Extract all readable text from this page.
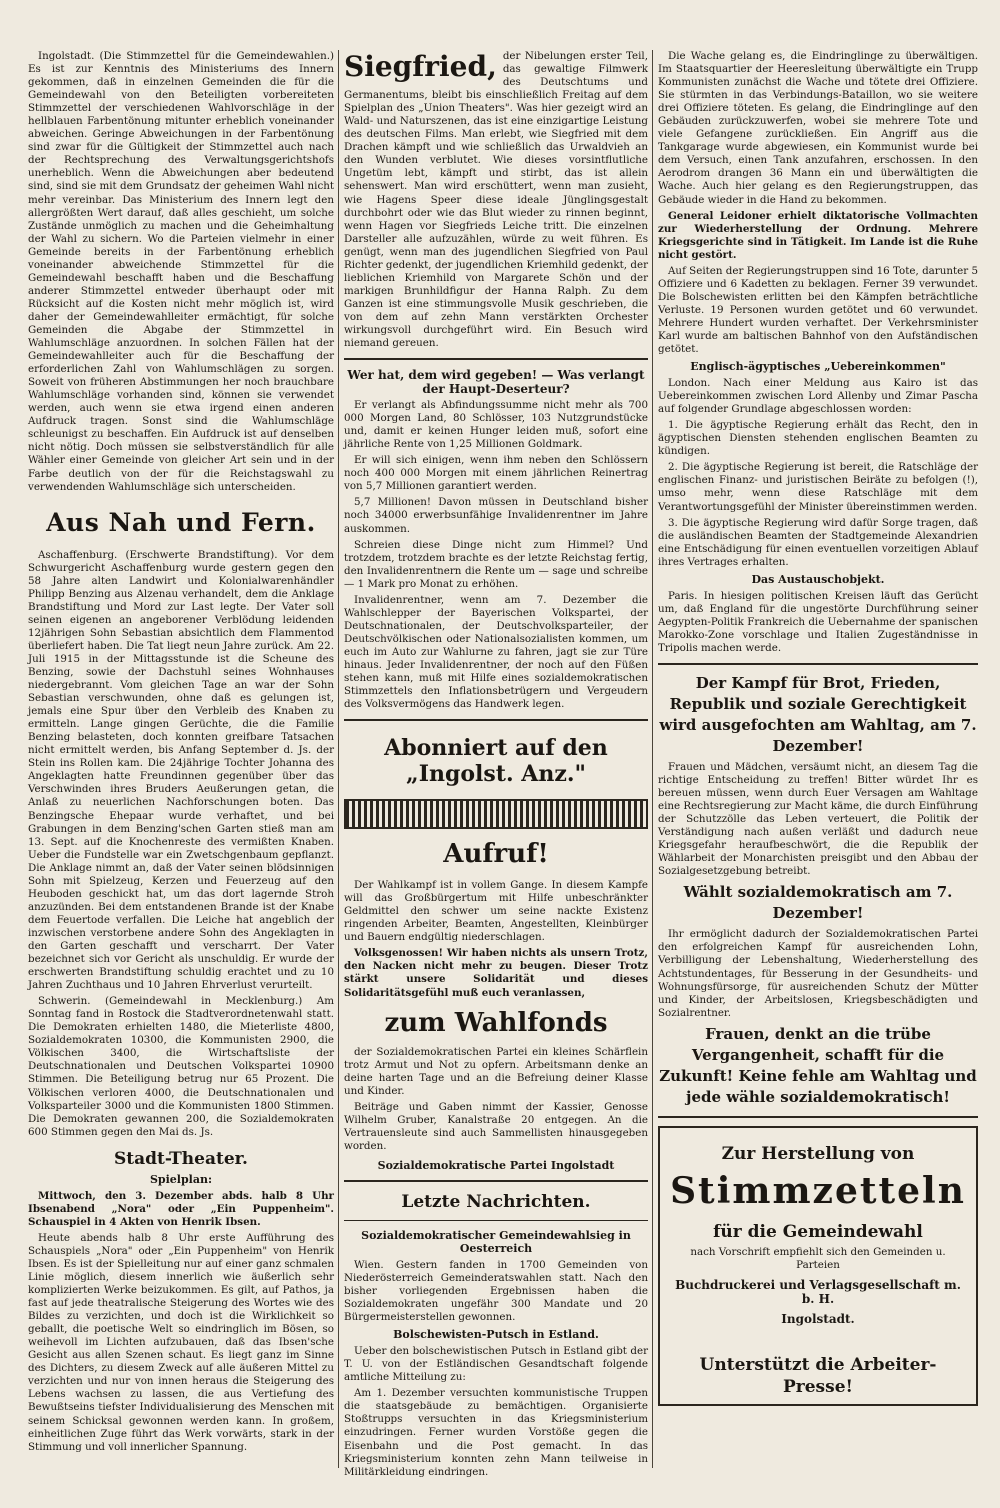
Ingolstadt. (Die Stimmzettel für die Gemeindewahlen.) Es ist zur Kenntnis des Ministeriums des Innern gekommen, daß in einzelnen Gemeinden die für die Gemeindewahl von den Beteiligten vorbereiteten Stimmzettel der verschiedenen Wahlvorschläge in der hellblauen Farbentönung mitunter erheblich voneinander abweichen. Geringe Abweichungen in der Farbentönung sind zwar für die Gültigkeit der Stimmzettel auch nach der Rechtsprechung des Verwaltungsgerichtshofs unerheblich. Wenn die Abweichungen aber bedeutend sind, sind sie mit dem Grundsatz der geheimen Wahl nicht mehr vereinbar. Das Ministerium des Innern legt den allergrößten Wert darauf, daß alles geschieht, um solche Zustände unmöglich zu machen und die Geheimhaltung der Wahl zu sichern. Wo die Parteien vielmehr in einer Gemeinde bereits in der Farbentönung erheblich voneinander abweichende Stimmzettel für die Gemeindewahl beschafft haben und die Beschaffung anderer Stimmzettel entweder überhaupt oder mit Rücksicht auf die Kosten nicht mehr möglich ist, wird daher der Gemeindewahlleiter ermächtigt, für solche Gemeinden die Abgabe der Stimmzettel in Wahlumschläge anzuordnen. In solchen Fällen hat der Gemeindewahlleiter auch für die Beschaffung der erforderlichen Zahl von Wahlumschlägen zu sorgen. Soweit von früheren Abstimmungen her noch brauchbare Wahlumschläge vorhanden sind, können sie verwendet werden, auch wenn sie etwa irgend einen anderen Aufdruck tragen. Sonst sind die Wahlumschläge schleunigst zu beschaffen. Ein Aufdruck ist auf denselben nicht nötig. Doch müssen sie selbstverständlich für alle Wähler einer Gemeinde von gleicher Art sein und in der Farbe deutlich von der für die Reichstagswahl zu verwendenden Wahlumschläge sich unterscheiden.

Aus Nah und Fern.

Aschaffenburg. (Erschwerte Brandstiftung). Vor dem Schwurgericht Aschaffenburg wurde gestern gegen den 58 Jahre alten Landwirt und Kolonialwarenhändler Philipp Benzing aus Alzenau verhandelt, dem die Anklage Brandstiftung und Mord zur Last legte. Der Vater soll seinen eigenen an angeborener Verblödung leidenden 12jährigen Sohn Sebastian absichtlich dem Flammentod überliefert haben. Die Tat liegt neun Jahre zurück. Am 22. Juli 1915 in der Mittagsstunde ist die Scheune des Benzing, sowie der Dachstuhl seines Wohnhauses niedergebrannt. Vom gleichen Tage an war der Sohn Sebastian verschwunden, ohne daß es gelungen ist, jemals eine Spur über den Verbleib des Knaben zu ermitteln. Lange gingen Gerüchte, die die Familie Benzing belasteten, doch konnten greifbare Tatsachen nicht ermittelt werden, bis Anfang September d. Js. der Stein ins Rollen kam. Die 24jährige Tochter Johanna des Angeklagten hatte Freundinnen gegenüber über das Verschwinden ihres Bruders Aeußerungen getan, die Anlaß zu neuerlichen Nachforschungen boten. Das Benzingsche Ehepaar wurde verhaftet, und bei Grabungen in dem Benzing'schen Garten stieß man am 13. Sept. auf die Knochenreste des vermißten Knaben. Ueber die Fundstelle war ein Zwetschgenbaum gepflanzt. Die Anklage nimmt an, daß der Vater seinen blödsinnigen Sohn mit Spielzeug, Kerzen und Feuerzeug auf den Heuboden geschickt hat, um das dort lagernde Stroh anzuzünden. Bei dem entstandenen Brande ist der Knabe dem Feuertode verfallen. Die Leiche hat angeblich der inzwischen verstorbene andere Sohn des Angeklagten in den Garten geschafft und verscharrt. Der Vater bezeichnet sich vor Gericht als unschuldig. Er wurde der erschwerten Brandstiftung schuldig erachtet und zu 10 Jahren Zuchthaus und 10 Jahren Ehrverlust verurteilt.

Schwerin. (Gemeindewahl in Mecklenburg.) Am Sonntag fand in Rostock die Stadtverordnetenwahl statt. Die Demokraten erhielten 1480, die Mieterliste 4800, Sozialdemokraten 10300, die Kommunisten 2900, die Völkischen 3400, die Wirtschaftsliste der Deutschnationalen und Deutschen Volkspartei 10900 Stimmen. Die Beteiligung betrug nur 65 Prozent. Die Völkischen verloren 4000, die Deutschnationalen und Volksparteiler 3000 und die Kommunisten 1800 Stimmen. Die Demokraten gewannen 200, die Sozialdemokraten 600 Stimmen gegen den Mai ds. Js.

Stadt-Theater.
Spielplan:

Mittwoch, den 3. Dezember abds. halb 8 Uhr Ibsenabend „Nora" oder „Ein Puppenheim". Schauspiel in 4 Akten von Henrik Ibsen.

Heute abends halb 8 Uhr erste Aufführung des Schauspiels „Nora" oder „Ein Puppenheim" von Henrik Ibsen. Es ist der Spielleitung nur auf einer ganz schmalen Linie möglich, diesem innerlich wie äußerlich sehr komplizierten Werke beizukommen. Es gilt, auf Pathos, ja fast auf jede theatralische Steigerung des Wortes wie des Bildes zu verzichten, und doch ist die Wirklichkeit so geballt, die poetische Welt so eindringlich im Bösen, so weihevoll im Lichten aufzubauen, daß das Ibsen'sche Gesicht aus allen Szenen schaut. Es liegt ganz im Sinne des Dichters, zu diesem Zweck auf alle äußeren Mittel zu verzichten und nur von innen heraus die Steigerung des Lebens wachsen zu lassen, die aus Vertiefung des Bewußtseins tiefster Individualisierung des Menschen mit seinem Schicksal gewonnen werden kann. In großem, einheitlichen Zuge führt das Werk vorwärts, stark in der Stimmung und voll innerlicher Spannung.

Siegfried, der Nibelungen erster Teil, das gewaltige Filmwerk des Deutschtums und Germanentums, bleibt bis einschließlich Freitag auf dem Spielplan des „Union Theaters". Was hier gezeigt wird an Wald- und Naturszenen, das ist eine einzigartige Leistung des deutschen Films. Man erlebt, wie Siegfried mit dem Drachen kämpft und wie schließlich das Urwaldvieh an den Wunden verblutet. Wie dieses vorsintflutliche Ungetüm lebt, kämpft und stirbt, das ist allein sehenswert. Man wird erschüttert, wenn man zusieht, wie Hagens Speer diese ideale Jünglingsgestalt durchbohrt oder wie das Blut wieder zu rinnen beginnt, wenn Hagen vor Siegfrieds Leiche tritt. Die einzelnen Darsteller alle aufzuzählen, würde zu weit führen. Es genügt, wenn man des jugendlichen Siegfried von Paul Richter gedenkt, der jugendlichen Kriemhild gedenkt, der lieblichen Kriemhild von Margarete Schön und der markigen Brunhildfigur der Hanna Ralph. Zu dem Ganzen ist eine stimmungsvolle Musik geschrieben, die von dem auf zehn Mann verstärkten Orchester wirkungsvoll durchgeführt wird. Ein Besuch wird niemand gereuen.

Wer hat, dem wird gegeben! — Was verlangt der Haupt-Deserteur?

Er verlangt als Abfindungssumme nicht mehr als 700 000 Morgen Land, 80 Schlösser, 103 Nutzgrundstücke und, damit er keinen Hunger leiden muß, sofort eine jährliche Rente von 1,25 Millionen Goldmark.

Er will sich einigen, wenn ihm neben den Schlössern noch 400 000 Morgen mit einem jährlichen Reinertrag von 5,7 Millionen garantiert werden.

5,7 Millionen! Davon müssen in Deutschland bisher noch 34000 erwerbsunfähige Invalidenrentner im Jahre auskommen.

Schreien diese Dinge nicht zum Himmel? Und trotzdem, trotzdem brachte es der letzte Reichstag fertig, den Invalidenrentnern die Rente um — sage und schreibe — 1 Mark pro Monat zu erhöhen.

Invalidenrentner, wenn am 7. Dezember die Wahlschlepper der Bayerischen Volkspartei, der Deutschnationalen, der Deutschvolksparteiler, der Deutschvölkischen oder Nationalsozialisten kommen, um euch im Auto zur Wahlurne zu fahren, jagt sie zur Türe hinaus. Jeder Invalidenrentner, der noch auf den Füßen stehen kann, muß mit Hilfe eines sozialdemokratischen Stimmzettels den Inflationsbetrügern und Vergeudern des Volksvermögens das Handwerk legen.

Abonniert auf den „Ingolst. Anz."
Aufruf!

Der Wahlkampf ist in vollem Gange. In diesem Kampfe will das Großbürgertum mit Hilfe unbeschränkter Geldmittel den schwer um seine nackte Existenz ringenden Arbeiter, Beamten, Angestellten, Kleinbürger und Bauern endgültig niederschlagen.

Volksgenossen! Wir haben nichts als unsern Trotz, den Nacken nicht mehr zu beugen. Dieser Trotz stärkt unsere Solidarität und dieses Solidaritätsgefühl muß euch veranlassen,

zum Wahlfonds

der Sozialdemokratischen Partei ein kleines Schärflein trotz Armut und Not zu opfern. Arbeitsmann denke an deine harten Tage und an die Befreiung deiner Klasse und Kinder.

Beiträge und Gaben nimmt der Kassier, Genosse Wilhelm Gruber, Kanalstraße 20 entgegen. An die Vertrauensleute sind auch Sammellisten hinausgegeben worden.

Sozialdemokratische Partei Ingolstadt
Letzte Nachrichten.
Sozialdemokratischer Gemeindewahlsieg in Oesterreich

Wien. Gestern fanden in 1700 Gemeinden von Niederösterreich Gemeinderatswahlen statt. Nach den bisher vorliegenden Ergebnissen haben die Sozialdemokraten ungefähr 300 Mandate und 20 Bürgermeisterstellen gewonnen.

Bolschewisten-Putsch in Estland.

Ueber den bolschewistischen Putsch in Estland gibt der T. U. von der Estländischen Gesandtschaft folgende amtliche Mitteilung zu:

Am 1. Dezember versuchten kommunistische Truppen die staatsgebäude zu bemächtigen. Organisierte Stoßtrupps versuchten in das Kriegsministerium einzudringen. Ferner wurden Vorstöße gegen die Eisenbahn und die Post gemacht. In das Kriegsministerium konnten zehn Mann teilweise in Militärkleidung eindringen.

Die Wache gelang es, die Eindringlinge zu überwältigen. Im Staatsquartier der Heeresleitung überwältigte ein Trupp Kommunisten zunächst die Wache und tötete drei Offiziere. Sie stürmten in das Verbindungs-Bataillon, wo sie weitere drei Offiziere töteten. Es gelang, die Eindringlinge auf den Gebäuden zurückzuwerfen, wobei sie mehrere Tote und viele Gefangene zurückließen. Ein Angriff aus die Tankgarage wurde abgewiesen, ein Kommunist wurde bei dem Versuch, einen Tank anzufahren, erschossen. In den Aerodrom drangen 36 Mann ein und überwältigten die Wache. Auch hier gelang es den Regierungstruppen, das Gebäude wieder in die Hand zu bekommen.

General Leidoner erhielt diktatorische Vollmachten zur Wiederherstellung der Ordnung. Mehrere Kriegsgerichte sind in Tätigkeit. Im Lande ist die Ruhe nicht gestört.

Auf Seiten der Regierungstruppen sind 16 Tote, darunter 5 Offiziere und 6 Kadetten zu beklagen. Ferner 39 verwundet. Die Bolschewisten erlitten bei den Kämpfen beträchtliche Verluste. 19 Personen wurden getötet und 60 verwundet. Mehrere Hundert wurden verhaftet. Der Verkehrsminister Karl wurde am baltischen Bahnhof von den Aufständischen getötet.

Englisch-ägyptisches „Uebereinkommen"

London. Nach einer Meldung aus Kairo ist das Uebereinkommen zwischen Lord Allenby und Zimar Pascha auf folgender Grundlage abgeschlossen worden:

1. Die ägyptische Regierung erhält das Recht, den in ägyptischen Diensten stehenden englischen Beamten zu kündigen.

2. Die ägyptische Regierung ist bereit, die Ratschläge der englischen Finanz- und juristischen Beiräte zu befolgen (!), umso mehr, wenn diese Ratschläge mit dem Verantwortungsgefühl der Minister übereinstimmen werden.

3. Die ägyptische Regierung wird dafür Sorge tragen, daß die ausländischen Beamten der Stadtgemeinde Alexandrien eine Entschädigung für einen eventuellen vorzeitigen Ablauf ihres Vertrages erhalten.

Das Austauschobjekt.

Paris. In hiesigen politischen Kreisen läuft das Gerücht um, daß England für die ungestörte Durchführung seiner Aegypten-Politik Frankreich die Uebernahme der spanischen Marokko-Zone vorschlage und Italien Zugeständnisse in Tripolis machen werde.

Der Kampf für Brot, Frieden, Republik und soziale Gerechtigkeit wird ausgefochten am Wahltag, am 7. Dezember!

Frauen und Mädchen, versäumt nicht, an diesem Tag die richtige Entscheidung zu treffen! Bitter würdet Ihr es bereuen müssen, wenn durch Euer Versagen am Wahltage eine Rechtsregierung zur Macht käme, die durch Einführung der Schutzzölle das Leben verteuert, die Politik der Verständigung nach außen verläßt und dadurch neue Kriegsgefahr heraufbeschwört, die die Republik der Wählarbeit der Monarchisten preisgibt und den Abbau der Sozialgesetzgebung betreibt.

Wählt sozialdemokratisch am 7. Dezember!

Ihr ermöglicht dadurch der Sozialdemokratischen Partei den erfolgreichen Kampf für ausreichenden Lohn, Verbilligung der Lebenshaltung, Wiederherstellung des Achtstundentages, für Besserung in der Gesundheits- und Wohnungsfürsorge, für ausreichenden Schutz der Mütter und Kinder, der Arbeitslosen, Kriegsbeschädigten und Sozialrentner.

Frauen, denkt an die trübe Vergangenheit, schafft für die Zukunft! Keine fehle am Wahltag und jede wähle sozialdemokratisch!
Zur Herstellung von
Stimmzetteln
für die Gemeindewahl

nach Vorschrift empfiehlt sich den Gemeinden u. Parteien

Buchdruckerei und Verlagsgesellschaft m. b. H.
Ingolstadt.
Unterstützt die Arbeiter-Presse!
